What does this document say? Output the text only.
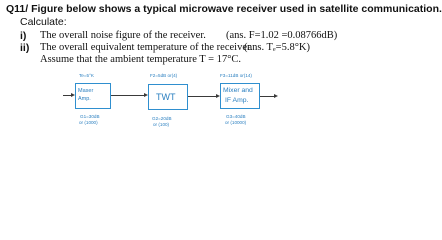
Q11/ Figure below shows a typical microwave receiver used in satellite communication.
Calculate:
i) The overall noise figure of the receiver. (ans. F=1.02 =0.08766dB)
ii) The overall equivalent temperature of the receiver.
(ans. Tₑ=5.8°K)
Assume that the ambient temperature T = 17°C.
Te=5°K
Maser
Amp.
G1=30dB
or (1000)
F2=5dB or(4)
TWT
G2=20dB
or (100)
F3=11dB or(14)
Mixer and
IF Amp.
G3=40dB
or (10000)
